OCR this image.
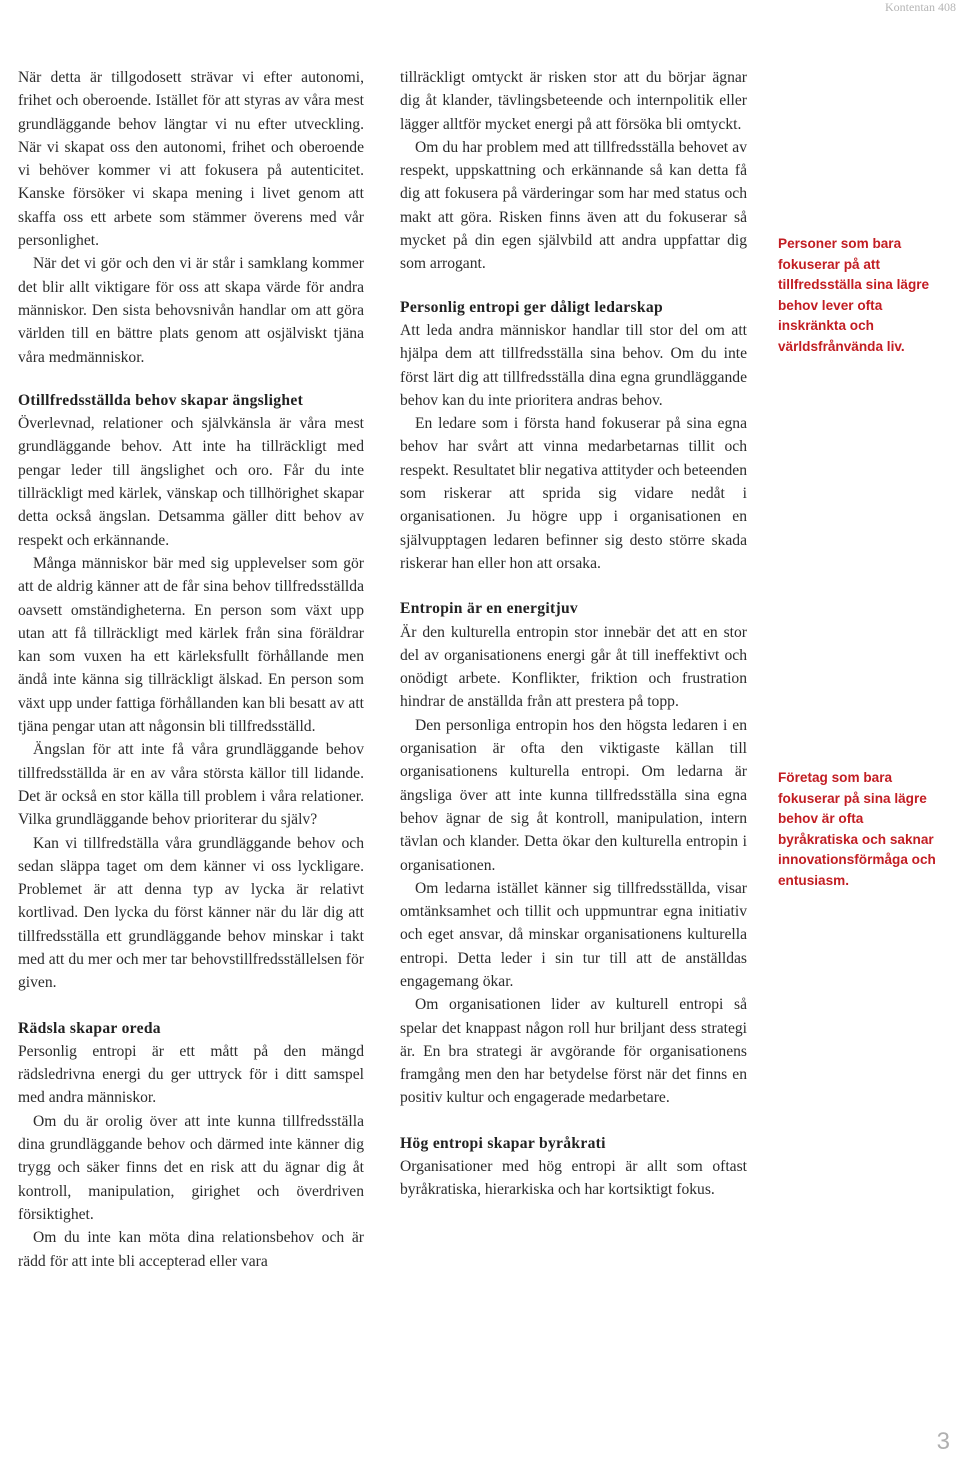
Kontentan 408

När detta är tillgodosett strävar vi efter autonomi, frihet och oberoende. Istället för att styras av våra mest grundläggande behov längtar vi nu efter utveckling. När vi skapat oss den autonomi, frihet och oberoende vi behöver kommer vi att fokusera på autenticitet. Kanske försöker vi skapa mening i livet genom att skaffa oss ett arbete som stämmer överens med vår personlighet.

När det vi gör och den vi är står i samklang kommer det blir allt viktigare för oss att skapa värde för andra människor. Den sista behovsnivån handlar om att göra världen till en bättre plats genom att osjälviskt tjäna våra medmänniskor.

Otillfredsställda behov skapar ängslighet

Överlevnad, relationer och självkänsla är våra mest grundläggande behov. Att inte ha tillräckligt med pengar leder till ängslighet och oro. Får du inte tillräckligt med kärlek, vänskap och tillhörighet skapar detta också ängslan. Detsamma gäller ditt behov av respekt och erkännande.

Många människor bär med sig upplevelser som gör att de aldrig känner att de får sina behov tillfredsställda oavsett omständigheterna. En person som växt upp utan att få tillräckligt med kärlek från sina föräldrar kan som vuxen ha ett kärleksfullt förhållande men ändå inte känna sig tillräckligt älskad. En person som växt upp under fattiga förhållanden kan bli besatt av att tjäna pengar utan att någonsin bli tillfredsställd.

Ängslan för att inte få våra grundläggande behov tillfredsställda är en av våra största källor till lidande. Det är också en stor källa till problem i våra relationer. Vilka grundläggande behov prioriterar du själv?

Kan vi tillfredställa våra grundläggande behov och sedan släppa taget om dem känner vi oss lyckligare. Problemet är att denna typ av lycka är relativt kortlivad. Den lycka du först känner när du lär dig att tillfredsställa ett grundläggande behov minskar i takt med att du mer och mer tar behovstillfredsställelsen för given.

Rädsla skapar oreda

Personlig entropi är ett mått på den mängd rädsledrivna energi du ger uttryck för i ditt samspel med andra människor.

Om du är orolig över att inte kunna tillfredsställa dina grundläggande behov och därmed inte känner dig trygg och säker finns det en risk att du ägnar dig åt kontroll, manipulation, girighet och överdriven försiktighet.

Om du inte kan möta dina relationsbehov och är rädd för att inte bli accepterad eller vara

tillräckligt omtyckt är risken stor att du börjar ägnar dig åt klander, tävlingsbeteende och internpolitik eller lägger alltför mycket energi på att försöka bli omtyckt.

Om du har problem med att tillfredsställa behovet av respekt, uppskattning och erkännande så kan detta få dig att fokusera på värderingar som har med status och makt att göra. Risken finns även att du fokuserar så mycket på din egen självbild att andra uppfattar dig som arrogant.

Personlig entropi ger dåligt ledarskap

Att leda andra människor handlar till stor del om att hjälpa dem att tillfredsställa sina behov. Om du inte först lärt dig att tillfredsställa dina egna grundläggande behov kan du inte prioritera andras behov.

En ledare som i första hand fokuserar på sina egna behov har svårt att vinna medarbetarnas tillit och respekt. Resultatet blir negativa attityder och beteenden som riskerar att sprida sig vidare nedåt i organisationen. Ju högre upp i organisationen en självupptagen ledaren befinner sig desto större skada riskerar han eller hon att orsaka.

Entropin är en energitjuv

Är den kulturella entropin stor innebär det att en stor del av organisationens energi går åt till ineffektivt och onödigt arbete. Konflikter, friktion och frustration hindrar de anställda från att prestera på topp.

Den personliga entropin hos den högsta ledaren i en organisation är ofta den viktigaste källan till organisationens kulturella entropi. Om ledarna är ängsliga över att inte kunna tillfredsställa sina egna behov ägnar de sig åt kontroll, manipulation, intern tävlan och klander. Detta ökar den kulturella entropin i organisationen.

Om ledarna istället känner sig tillfredsställda, visar omtänksamhet och tillit och uppmuntrar egna initiativ och eget ansvar, då minskar organisationens kulturella entropi. Detta leder i sin tur till att de anställdas engagemang ökar.

Om organisationen lider av kulturell entropi så spelar det knappast någon roll hur briljant dess strategi är. En bra strategi är avgörande för organisationens framgång men den har betydelse först när det finns en positiv kultur och engagerade medarbetare.

Hög entropi skapar byråkrati

Organisationer med hög entropi är allt som oftast byråkratiska, hierarkiska och har kortsiktigt fokus.

Personer som bara fokuserar på att tillfredsställa sina lägre behov lever ofta inskränkta och världsfrånvända liv.
Företag som bara fokuserar på sina lägre behov är ofta byråkratiska och saknar innovationsförmåga och entusiasm.
3
